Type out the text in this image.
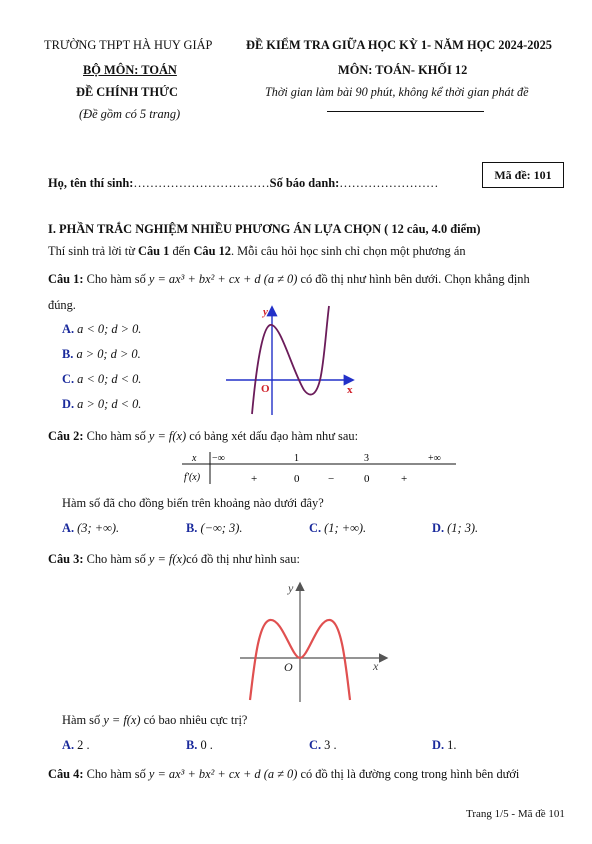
TRƯỜNG THPT HÀ HUY GIÁP
BỘ MÔN: TOÁN
ĐỀ CHÍNH THỨC
(Đề gồm có 5 trang)
ĐỀ KIỂM TRA GIỮA HỌC KỲ 1- NĂM HỌC 2024-2025
MÔN: TOÁN- KHỐI 12
Thời gian làm bài 90 phút, không kể thời gian phát đề
Họ, tên thí sinh:……………………………Số báo danh:……………………
Mã đề: 101
I. PHẦN TRẮC NGHIỆM NHIỀU PHƯƠNG ÁN LỰA CHỌN ( 12 câu, 4.0 điểm)
Thí sinh trả lời từ Câu 1 đến Câu 12. Mỗi câu hỏi học sinh chỉ chọn một phương án
Câu 1: Cho hàm số y = ax³ + bx² + cx + d (a ≠ 0) có đồ thị như hình bên dưới. Chọn khẳng định
đúng.
A. a < 0; d > 0.
B. a > 0; d > 0.
C. a < 0; d < 0.
D. a > 0; d < 0.
y
O	x
Câu 2: Cho hàm số y = f(x) có bảng xét dấu đạo hàm như sau:
x
f′(x)
−∞	1	3	+∞
+	0	−	0	+
Hàm số đã cho đồng biến trên khoảng nào dưới đây?
A. (3; +∞).	B. (−∞; 3).	C. (1; +∞).	D. (1; 3).
Câu 3: Cho hàm số y = f(x)có đồ thị như hình sau:
y
O	x
Hàm số y = f(x) có bao nhiêu cực trị?
A. 2 .	B. 0 .	C. 3 .	D. 1.
Câu 4: Cho hàm số y = ax³ + bx² + cx + d (a ≠ 0) có đồ thị là đường cong trong hình bên dưới
Trang 1/5 - Mã đề 101
